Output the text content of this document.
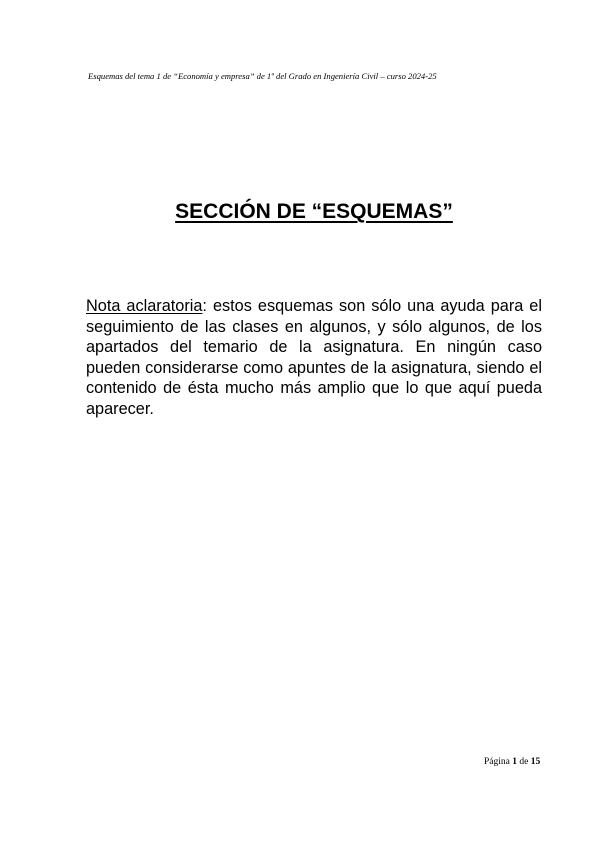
Esquemas del tema 1 de “Economía y empresa” de 1º del Grado en Ingeniería Civil – curso 2024-25
SECCIÓN DE “ESQUEMAS”
Nota aclaratoria: estos esquemas son sólo una ayuda para el seguimiento de las clases en algunos, y sólo algunos, de los apartados del temario de la asignatura. En ningún caso pueden considerarse como apuntes de la asignatura, siendo el contenido de ésta mucho más amplio que lo que aquí pueda aparecer.
Página 1 de 15
